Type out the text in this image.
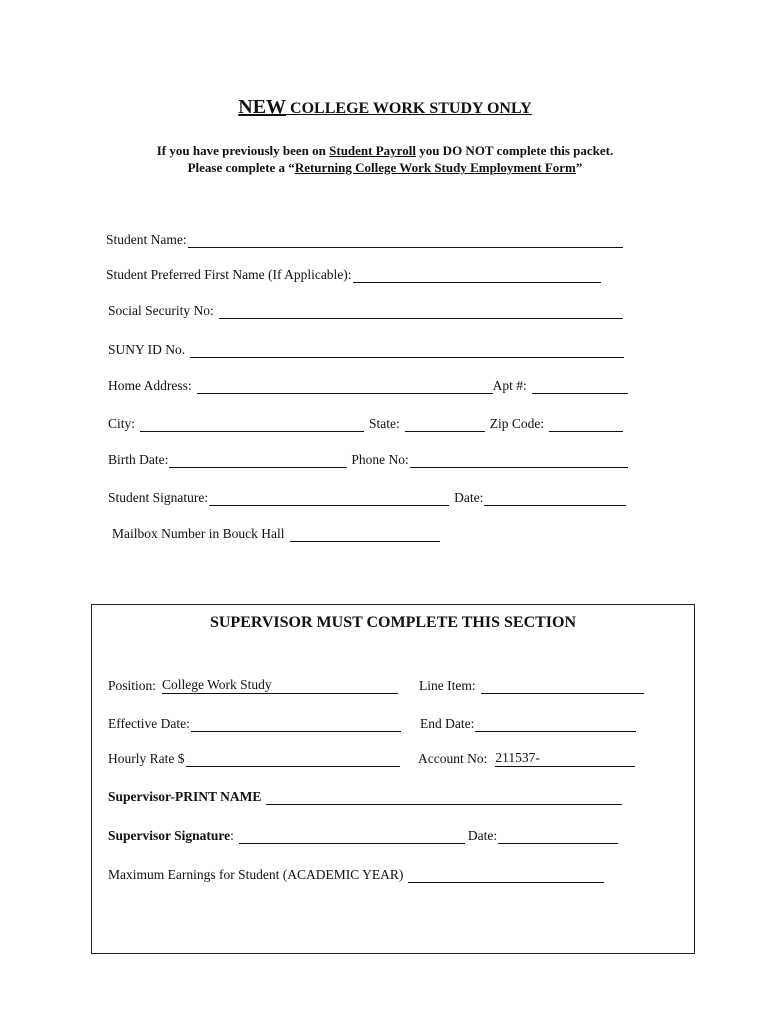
NEW COLLEGE WORK STUDY ONLY
If you have previously been on Student Payroll you DO NOT complete this packet.
Please complete a “Returning College Work Study Employment Form”
Student Name:
Student Preferred First Name (If Applicable):
Social Security No:
SUNY ID No.
Home Address:	Apt #:
City:	State:	Zip Code:
Birth Date:	Phone No:
Student Signature:	Date:
Mailbox Number in Bouck Hall
SUPERVISOR MUST COMPLETE THIS SECTION
Position: College Work Study	Line Item:
Effective Date:	End Date:
Hourly Rate $	Account No: 211537-
Supervisor-PRINT NAME
Supervisor Signature :	Date:
Maximum Earnings for Student (ACADEMIC YEAR)
